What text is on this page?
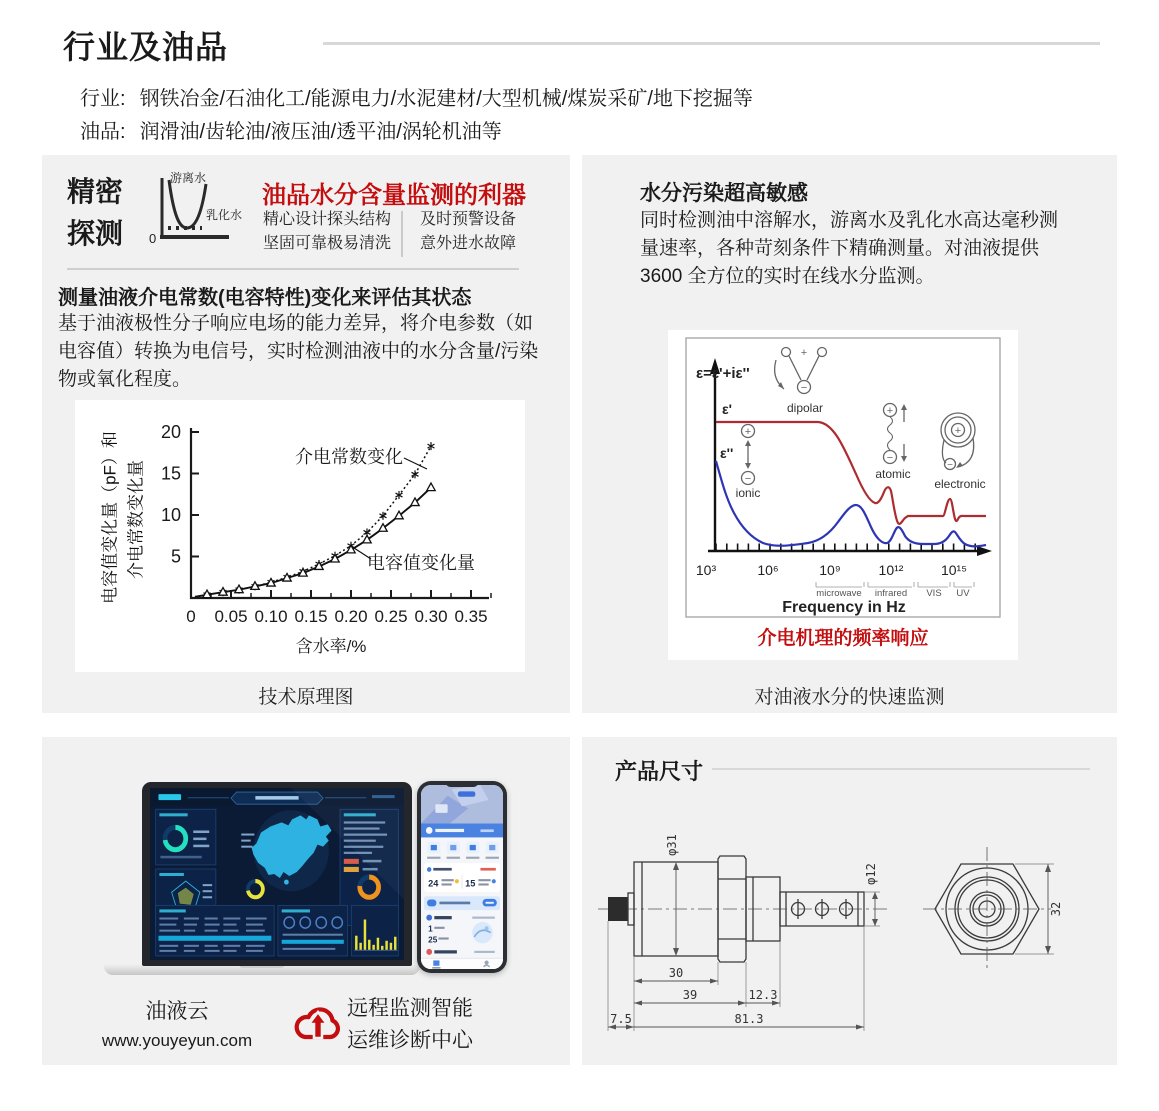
行业及油品
行业: 钢铁冶金/石油化工/能源电力/水泥建材/大型机械/煤炭采矿/地下挖掘等
油品: 润滑油/齿轮油/液压油/透平油/涡轮机油等
精密
探测
游离水
乳化水
0
油品水分含量监测的利器
精心设计探头结构
坚固可靠极易清洗
及时预警设备
意外进水故障
测量油液介电常数(电容特性)变化来评估其状态
基于油液极性分子响应电场的能力差异，将介电参数（如电容值）转换为电信号，实时检测油液中的水分含量/污染物或氧化程度。
电容值变化量（pF）和 介电常数变化量 5
10
15
20
0 0.05 0.10 0.15 0.20 0.25 0.30 0.35
含水率/%
介电常数变化
电容值变化量
技术原理图
水分污染超高敏感
同时检测油中溶解水，游离水及乳化水高达毫秒测量速率，各种苛刻条件下精确测量。对油液提供 3600 全方位的实时在线水分监测。
ε=ε'+iε''
ε'
ε''
+
−
dipolar
+
−
ionic
+
−
atomic
+
−
electronic
10³	10⁶	10⁹	10¹²	10¹⁵
microwave infrared VIS UV
Frequency in Hz
介电机理的频率响应
对油液水分的快速监测
24	15
1
25
油液云
www.youyeyun.com
远程监测智能
运维诊断中心
产品尺寸
φ31
φ12
30
39	12.3
7.5	81.3
32
